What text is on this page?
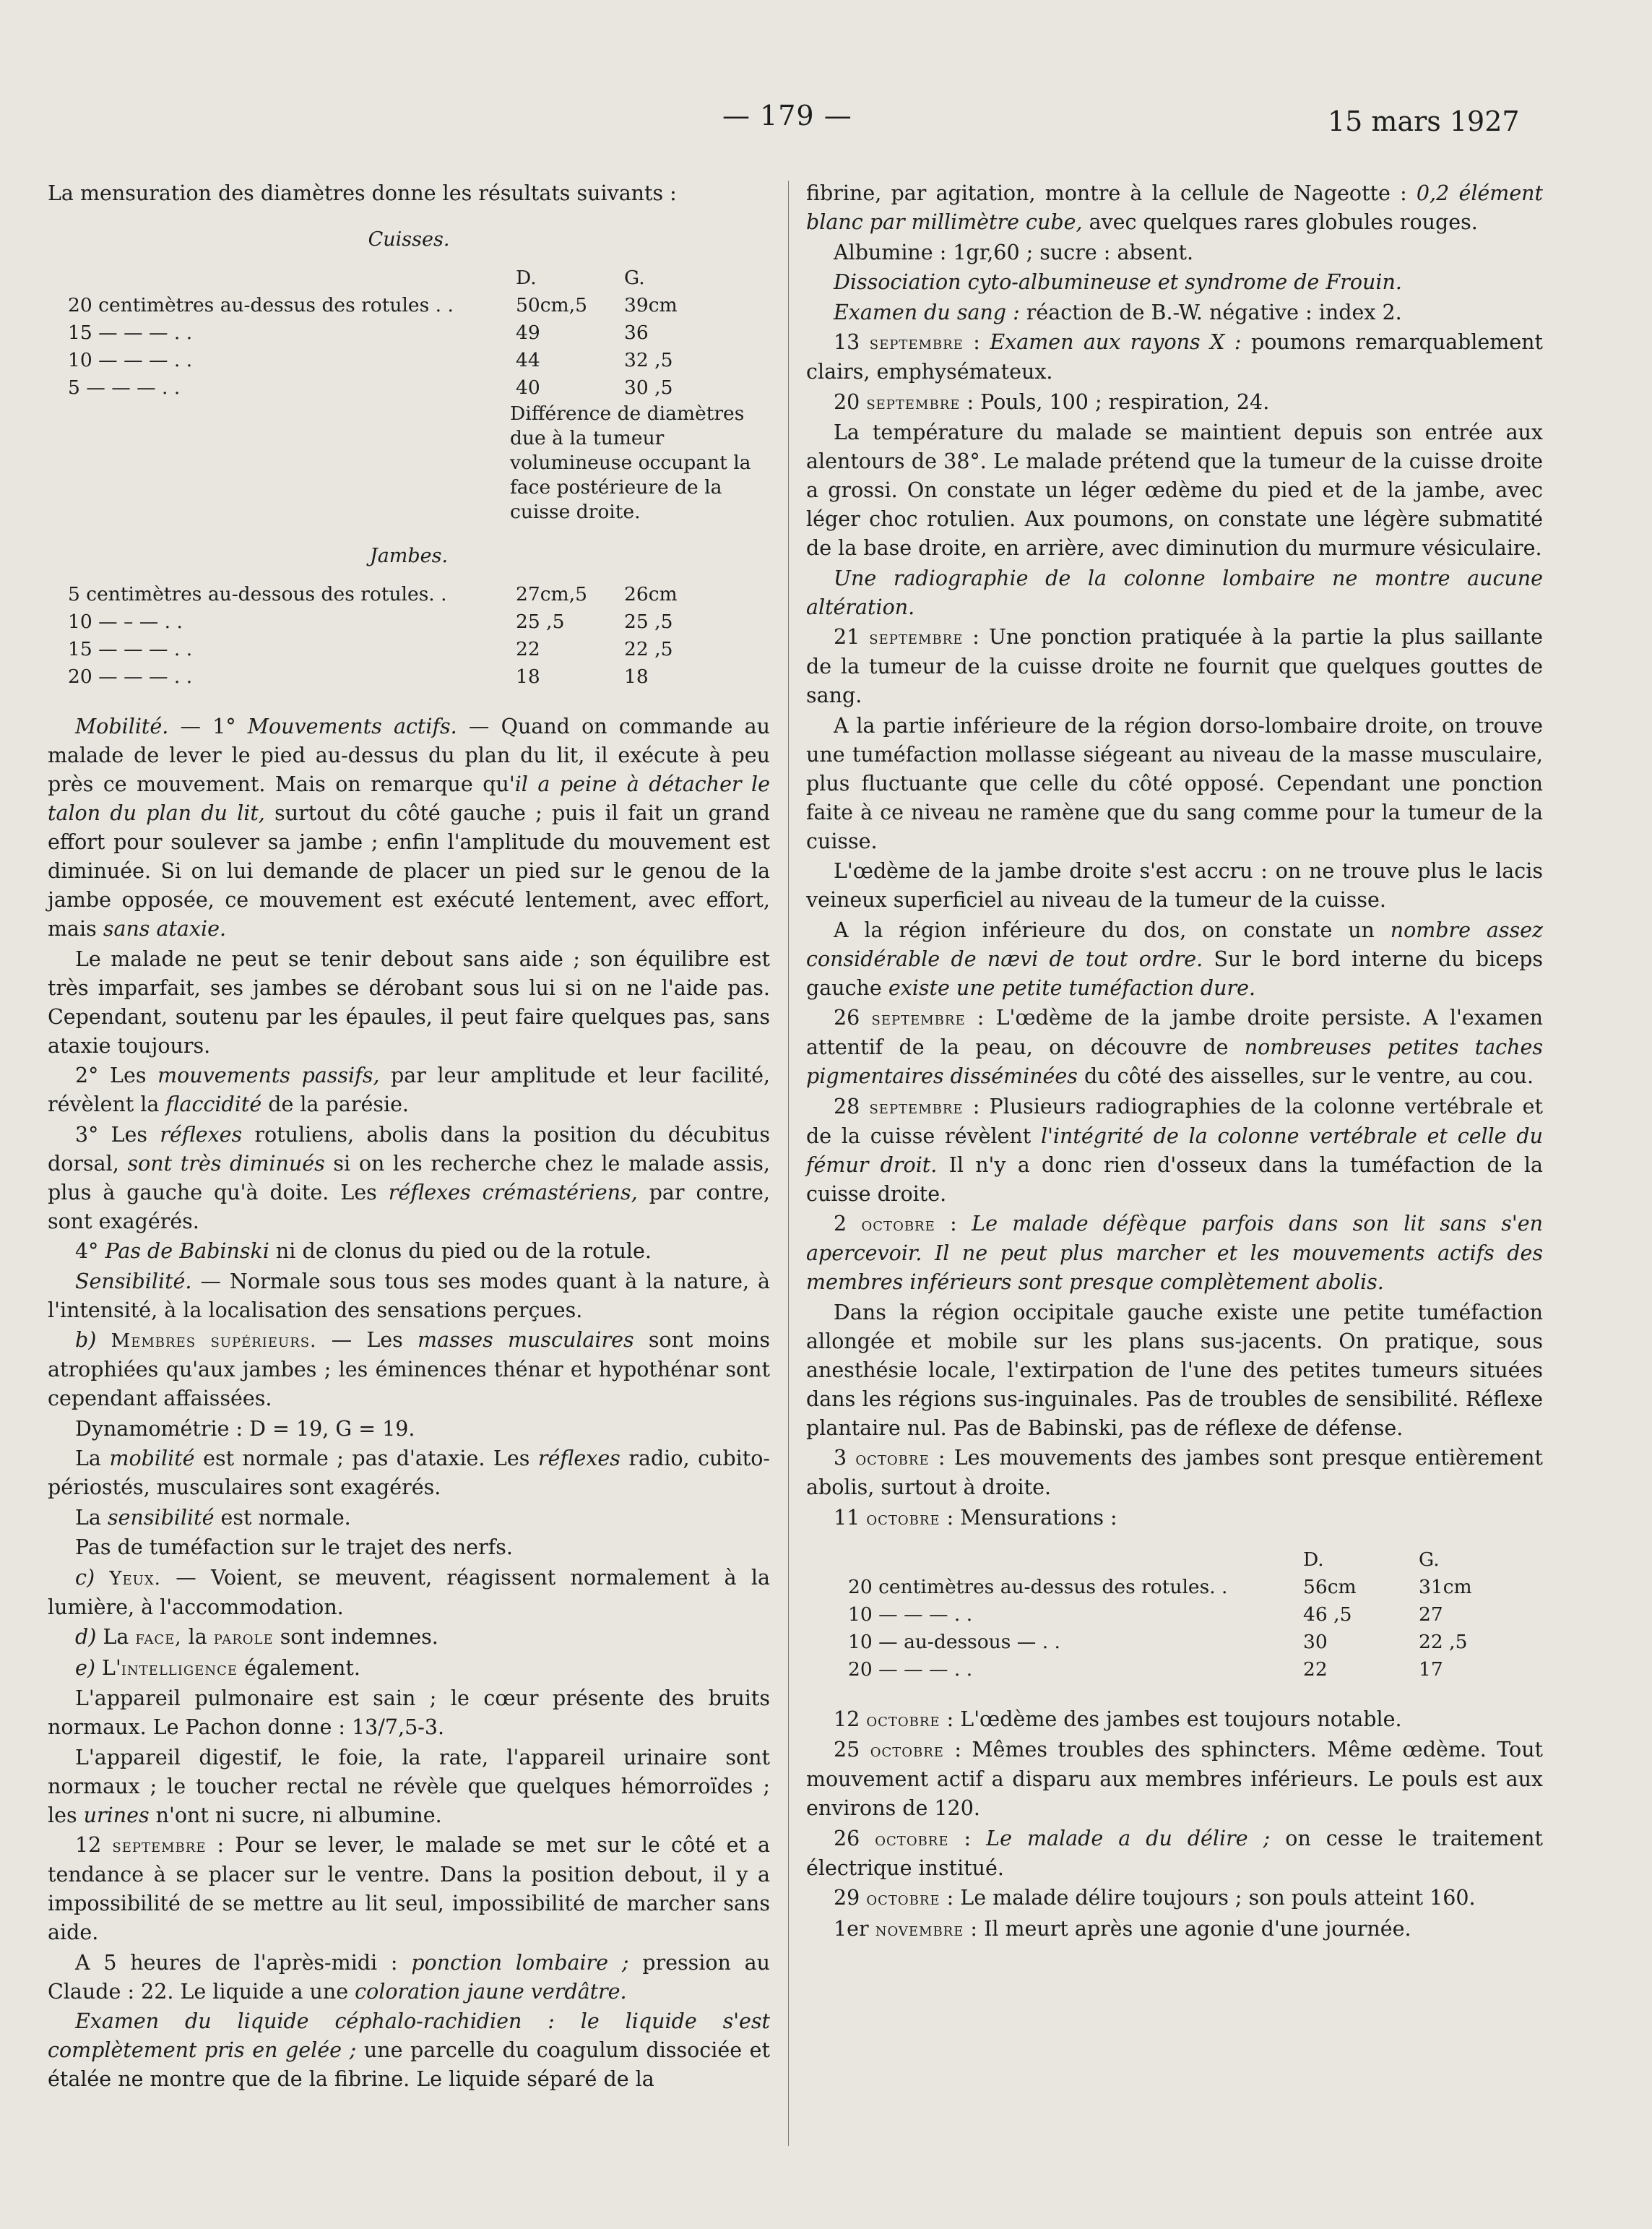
— 179 —	15 mars 1927

La mensuration des diamètres donne les résultats suivants :

Cuisses.
	D.	G.
20 centimètres au-dessus des rotules . .	50cm,5	39cm
15 — — — . .	49	36
10 — — — . .	44	32 ,5
5 — — — . .	40	30 ,5

Différence de diamètres due à la tumeur volumineuse occupant la face postérieure de la cuisse droite.

Jambes.
5 centimètres au-dessous des rotules. .	27cm,5	26cm
10 — – — . .	25 ,5	25 ,5
15 — — — . .	22	22 ,5
20 — — — . .	18	18

Mobilité. — 1° Mouvements actifs. — Quand on commande au malade de lever le pied au-dessus du plan du lit, il exécute à peu près ce mouvement. Mais on remarque qu'il a peine à détacher le talon du plan du lit, surtout du côté gauche ; puis il fait un grand effort pour soulever sa jambe ; enfin l'amplitude du mouvement est diminuée. Si on lui demande de placer un pied sur le genou de la jambe opposée, ce mouvement est exécuté lentement, avec effort, mais sans ataxie.

Le malade ne peut se tenir debout sans aide ; son équilibre est très imparfait, ses jambes se dérobant sous lui si on ne l'aide pas. Cependant, soutenu par les épaules, il peut faire quelques pas, sans ataxie toujours.

2° Les mouvements passifs, par leur amplitude et leur facilité, révèlent la flaccidité de la parésie.

3° Les réflexes rotuliens, abolis dans la position du décubitus dorsal, sont très diminués si on les recherche chez le malade assis, plus à gauche qu'à doite. Les réflexes crémastériens, par contre, sont exagérés.

4° Pas de Babinski ni de clonus du pied ou de la rotule.

Sensibilité. — Normale sous tous ses modes quant à la nature, à l'intensité, à la localisation des sensations perçues.

b) Membres supérieurs. — Les masses musculaires sont moins atrophiées qu'aux jambes ; les éminences thénar et hypothénar sont cependant affaissées.

Dynamométrie : D = 19, G = 19.

La mobilité est normale ; pas d'ataxie. Les réflexes radio, cubito-périostés, musculaires sont exagérés.

La sensibilité est normale.

Pas de tuméfaction sur le trajet des nerfs.

c) Yeux. — Voient, se meuvent, réagissent normalement à la lumière, à l'accommodation.

d) La face, la parole sont indemnes.

e) L'intelligence également.

L'appareil pulmonaire est sain ; le cœur présente des bruits normaux. Le Pachon donne : 13/7,5-3.

L'appareil digestif, le foie, la rate, l'appareil urinaire sont normaux ; le toucher rectal ne révèle que quelques hémorroïdes ; les urines n'ont ni sucre, ni albumine.

12 septembre : Pour se lever, le malade se met sur le côté et a tendance à se placer sur le ventre. Dans la position debout, il y a impossibilité de se mettre au lit seul, impossibilité de marcher sans aide.

A 5 heures de l'après-midi : ponction lombaire ; pression au Claude : 22. Le liquide a une coloration jaune verdâtre.

Examen du liquide céphalo-rachidien : le liquide s'est complètement pris en gelée ; une parcelle du coagulum dissociée et étalée ne montre que de la fibrine. Le liquide séparé de la

fibrine, par agitation, montre à la cellule de Nageotte : 0,2 élément blanc par millimètre cube, avec quelques rares globules rouges.

Albumine : 1gr,60 ; sucre : absent.

Dissociation cyto-albumineuse et syndrome de Frouin.

Examen du sang : réaction de B.-W. négative : index 2.

13 septembre : Examen aux rayons X : poumons remarquablement clairs, emphysémateux.

20 septembre : Pouls, 100 ; respiration, 24.

La température du malade se maintient depuis son entrée aux alentours de 38°. Le malade prétend que la tumeur de la cuisse droite a grossi. On constate un léger œdème du pied et de la jambe, avec léger choc rotulien. Aux poumons, on constate une légère submatité de la base droite, en arrière, avec diminution du murmure vésiculaire.

Une radiographie de la colonne lombaire ne montre aucune altération.

21 septembre : Une ponction pratiquée à la partie la plus saillante de la tumeur de la cuisse droite ne fournit que quelques gouttes de sang.

A la partie inférieure de la région dorso-lombaire droite, on trouve une tuméfaction mollasse siégeant au niveau de la masse musculaire, plus fluctuante que celle du côté opposé. Cependant une ponction faite à ce niveau ne ramène que du sang comme pour la tumeur de la cuisse.

L'œdème de la jambe droite s'est accru : on ne trouve plus le lacis veineux superficiel au niveau de la tumeur de la cuisse.

A la région inférieure du dos, on constate un nombre assez considérable de nævi de tout ordre. Sur le bord interne du biceps gauche existe une petite tuméfaction dure.

26 septembre : L'œdème de la jambe droite persiste. A l'examen attentif de la peau, on découvre de nombreuses petites taches pigmentaires disséminées du côté des aisselles, sur le ventre, au cou.

28 septembre : Plusieurs radiographies de la colonne vertébrale et de la cuisse révèlent l'intégrité de la colonne vertébrale et celle du fémur droit. Il n'y a donc rien d'osseux dans la tuméfaction de la cuisse droite.

2 octobre : Le malade défèque parfois dans son lit sans s'en apercevoir. Il ne peut plus marcher et les mouvements actifs des membres inférieurs sont presque complètement abolis.

Dans la région occipitale gauche existe une petite tuméfaction allongée et mobile sur les plans sus-jacents. On pratique, sous anesthésie locale, l'extirpation de l'une des petites tumeurs situées dans les régions sus-inguinales. Pas de troubles de sensibilité. Réflexe plantaire nul. Pas de Babinski, pas de réflexe de défense.

3 octobre : Les mouvements des jambes sont presque entièrement abolis, surtout à droite.

11 octobre : Mensurations :

	D.	G.
20 centimètres au-dessus des rotules. .	56cm	31cm
10 — — — . .	46 ,5	27
10 — au-dessous — . .	30	22 ,5
20 — — — . .	22	17

12 octobre : L'œdème des jambes est toujours notable.

25 octobre : Mêmes troubles des sphincters. Même œdème. Tout mouvement actif a disparu aux membres inférieurs. Le pouls est aux environs de 120.

26 octobre : Le malade a du délire ; on cesse le traitement électrique institué.

29 octobre : Le malade délire toujours ; son pouls atteint 160.

1er novembre : Il meurt après une agonie d'une journée.
